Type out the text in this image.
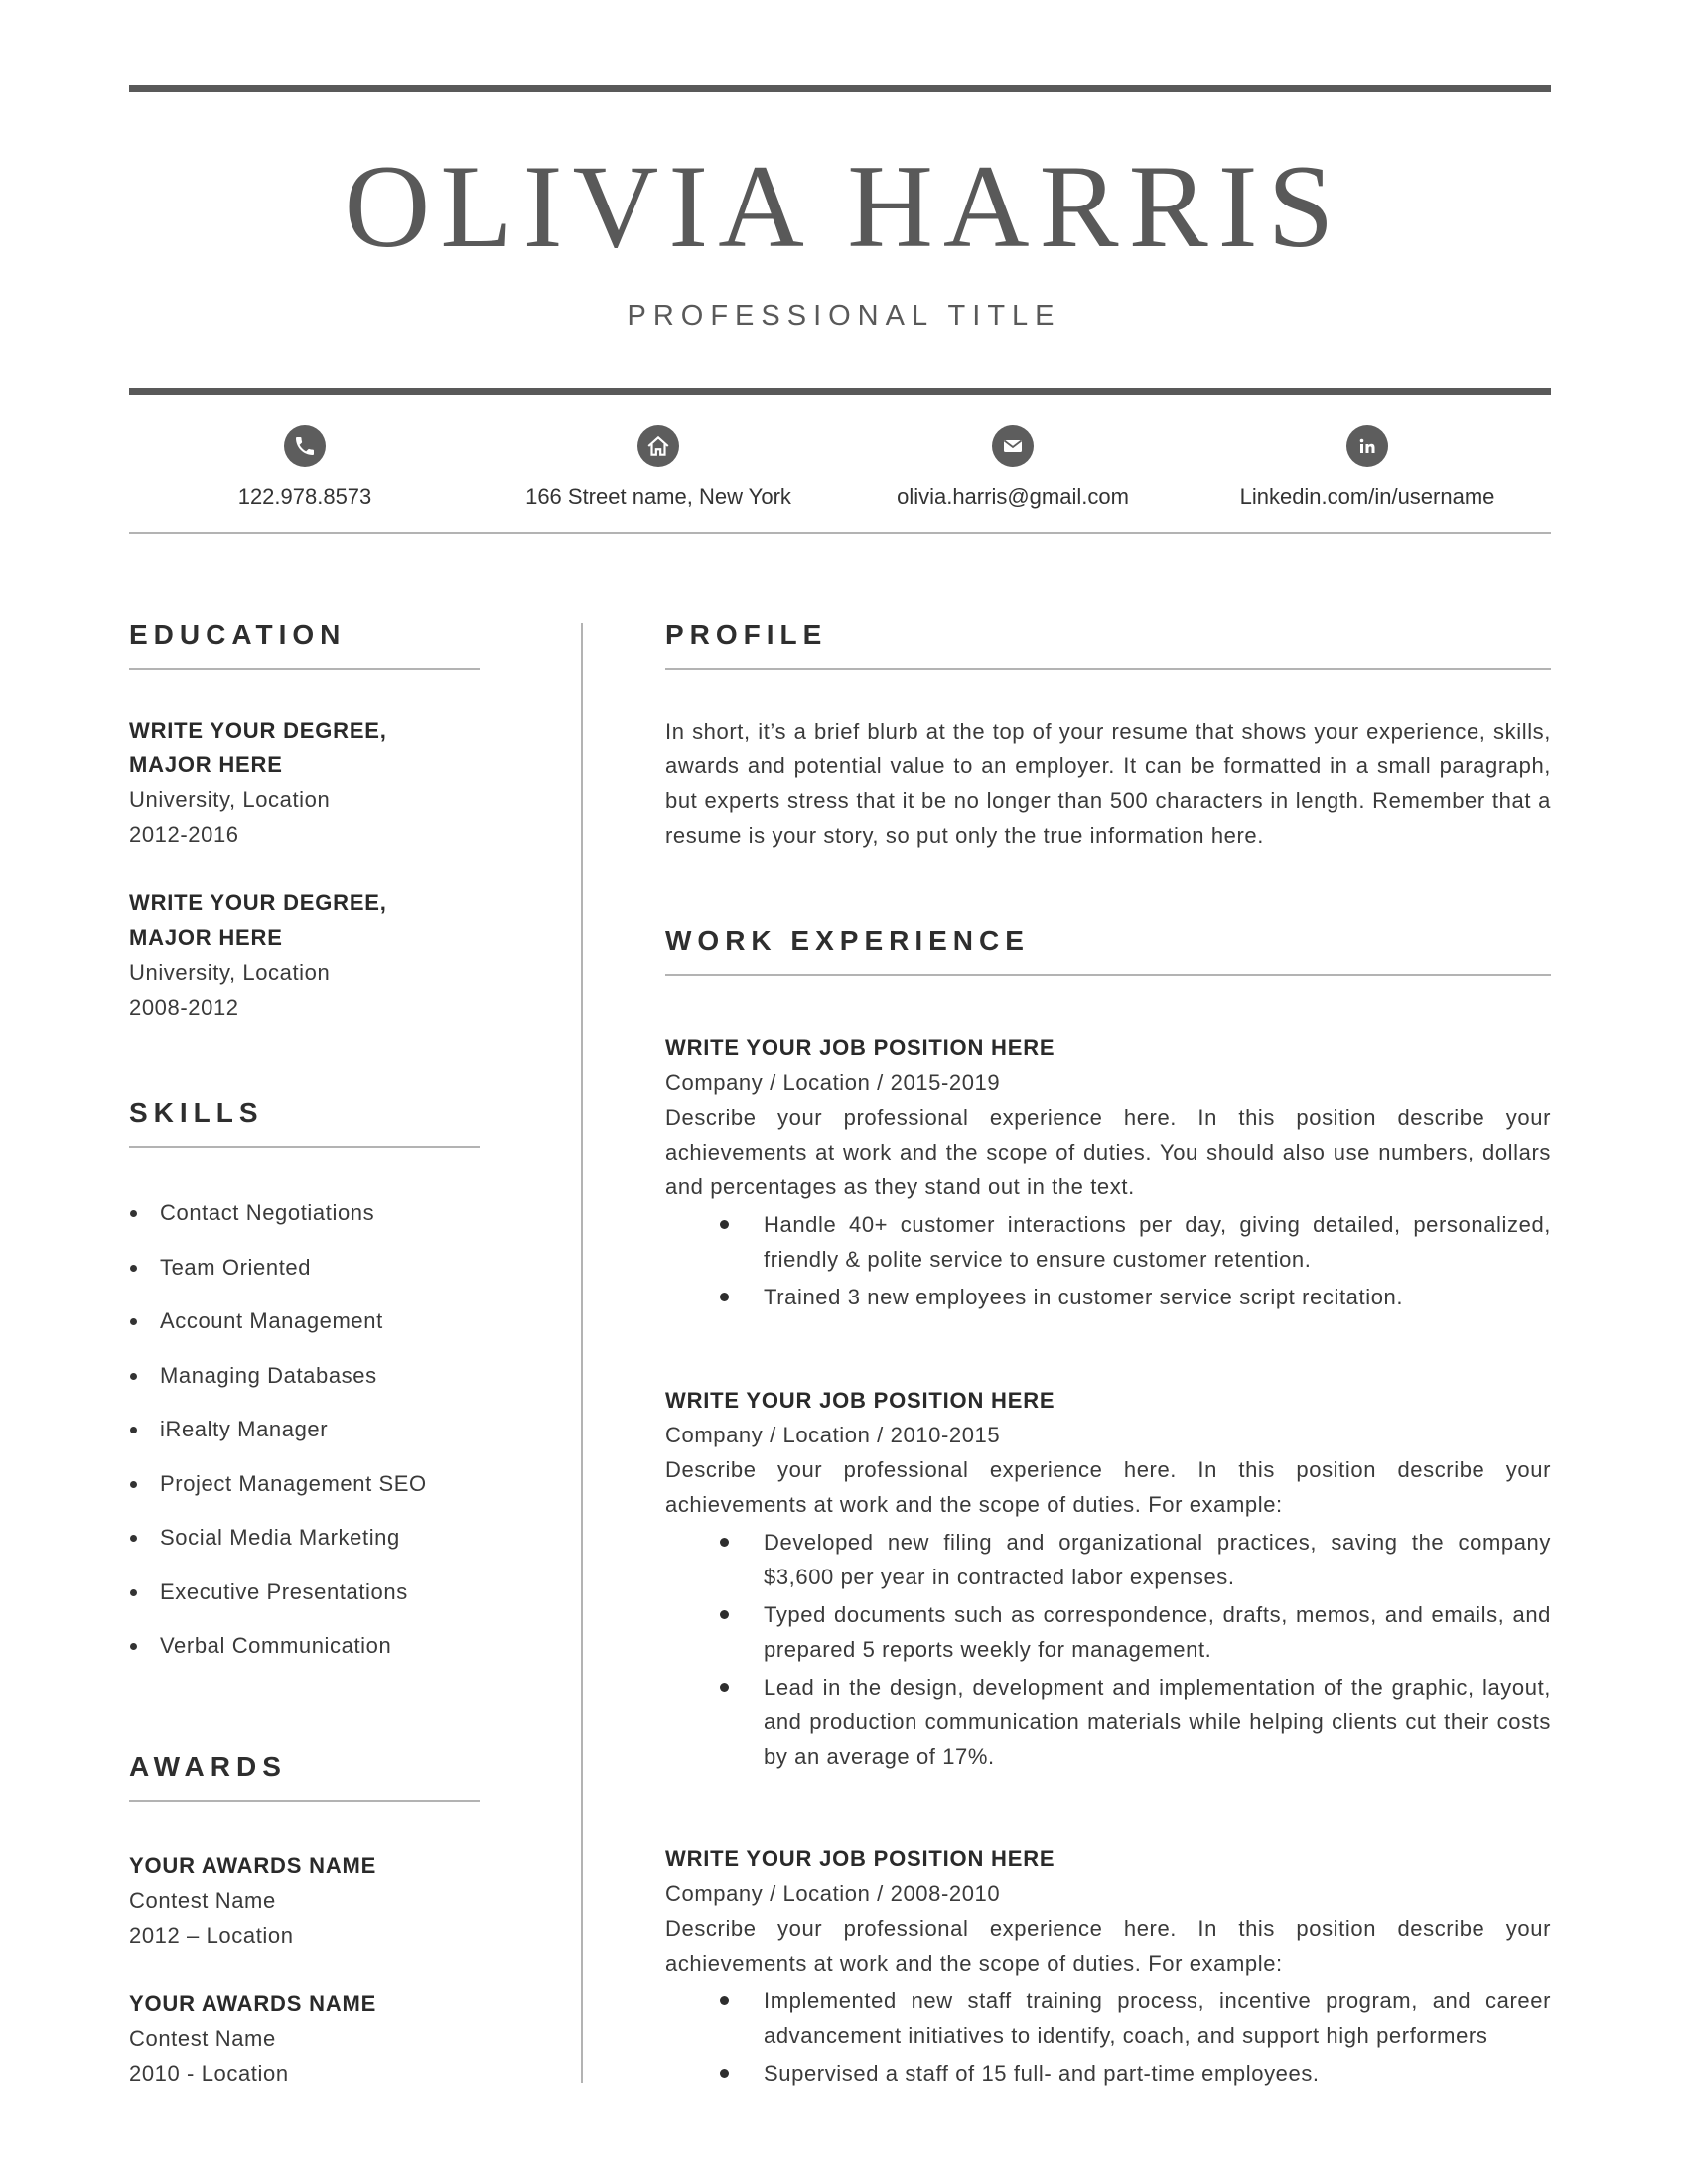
OLIVIA HARRIS
PROFESSIONAL TITLE
122.978.8573	166 Street name, New York	olivia.harris@gmail.com	Linkedin.com/in/username
EDUCATION
WRITE YOUR DEGREE,
MAJOR HERE
University, Location
2012-2016
WRITE YOUR DEGREE,
MAJOR HERE
University, Location
2008-2012
SKILLS
Contact Negotiations
Team Oriented
Account Management
Managing Databases
iRealty Manager
Project Management SEO
Social Media Marketing
Executive Presentations
Verbal Communication
AWARDS
YOUR AWARDS NAME
Contest Name
2012 – Location
YOUR AWARDS NAME
Contest Name
2010 - Location
PROFILE
In short, it’s a brief blurb at the top of your resume that shows your experience, skills, awards and potential value to an employer. It can be formatted in a small paragraph, but experts stress that it be no longer than 500 characters in length. Remember that a resume is your story, so put only the true information here.
WORK EXPERIENCE
WRITE YOUR JOB POSITION HERE
Company / Location / 2015-2019
Describe your professional experience here. In this position describe your achievements at work and the scope of duties. You should also use numbers, dollars and percentages as they stand out in the text.
Handle 40+ customer interactions per day, giving detailed, personalized, friendly & polite service to ensure customer retention.
Trained 3 new employees in customer service script recitation.
WRITE YOUR JOB POSITION HERE
Company / Location / 2010-2015
Describe your professional experience here. In this position describe your achievements at work and the scope of duties. For example:
Developed new filing and organizational practices, saving the company $3,600 per year in contracted labor expenses.
Typed documents such as correspondence, drafts, memos, and emails, and prepared 5 reports weekly for management.
Lead in the design, development and implementation of the graphic, layout, and production communication materials while helping clients cut their costs by an average of 17%.
WRITE YOUR JOB POSITION HERE
Company / Location / 2008-2010
Describe your professional experience here. In this position describe your achievements at work and the scope of duties. For example:
Implemented new staff training process, incentive program, and career advancement initiatives to identify, coach, and support high performers
Supervised a staff of 15 full- and part-time employees.
